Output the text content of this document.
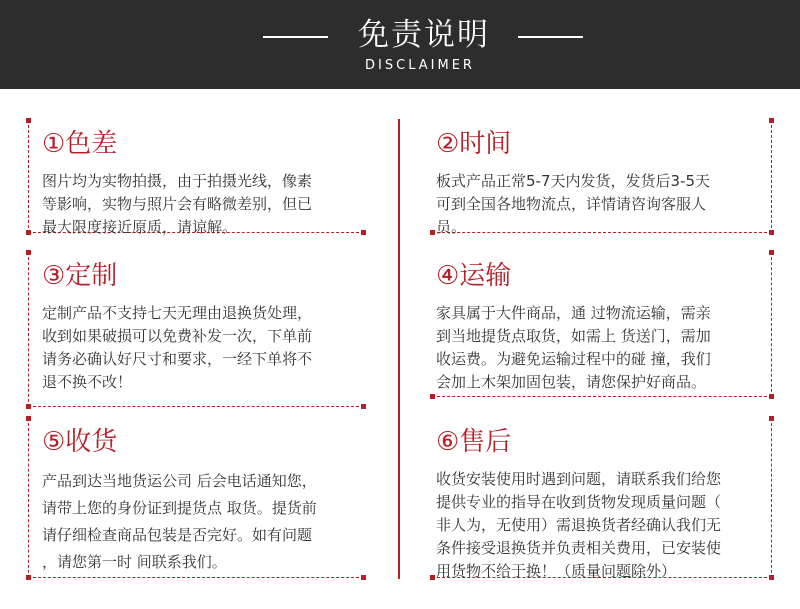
免责说明
DISCLAIMER
①色差

图片均为实物拍摄，由于拍摄光线，像素

等影响，实物与照片会有略微差别，但已

最大限度接近原质，请谅解。

②时间

板式产品正常5-7天内发货，发货后3-5天

可到全国各地物流点，详情请咨询客服人

员。

③定制

定制产品不支持七天无理由退换货处理，

收到如果破损可以免费补发一次，下单前

请务必确认好尺寸和要求，一经下单将不

退不换不改！

④运输

家具属于大件商品，通 过物流运输，需亲

到当地提货点取货，如需上 货送门，需加

收运费。为避免运输过程中的碰 撞，我们

会加上木架加固包装，请您保护好商品。

⑤收货

产品到达当地货运公司 后会电话通知您，

请带上您的身份证到提货点 取货。提货前

请仔细检查商品包装是否完好。如有问题

，请您第一时 间联系我们。

⑥售后

收货安装使用时遇到问题，请联系我们给您

提供专业的指导在收到货物发现质量问题（

非人为，无使用）需退换货者经确认我们无

条件接受退换货并负责相关费用，已安装使

用货物不给于换！（质量问题除外）
